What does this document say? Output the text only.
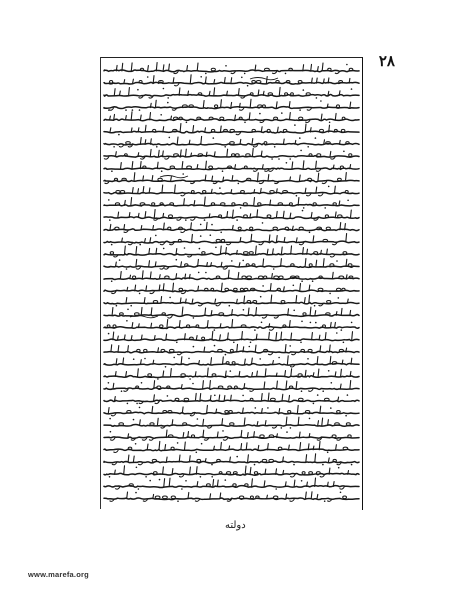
٢٨
دولته
www.marefa.org
